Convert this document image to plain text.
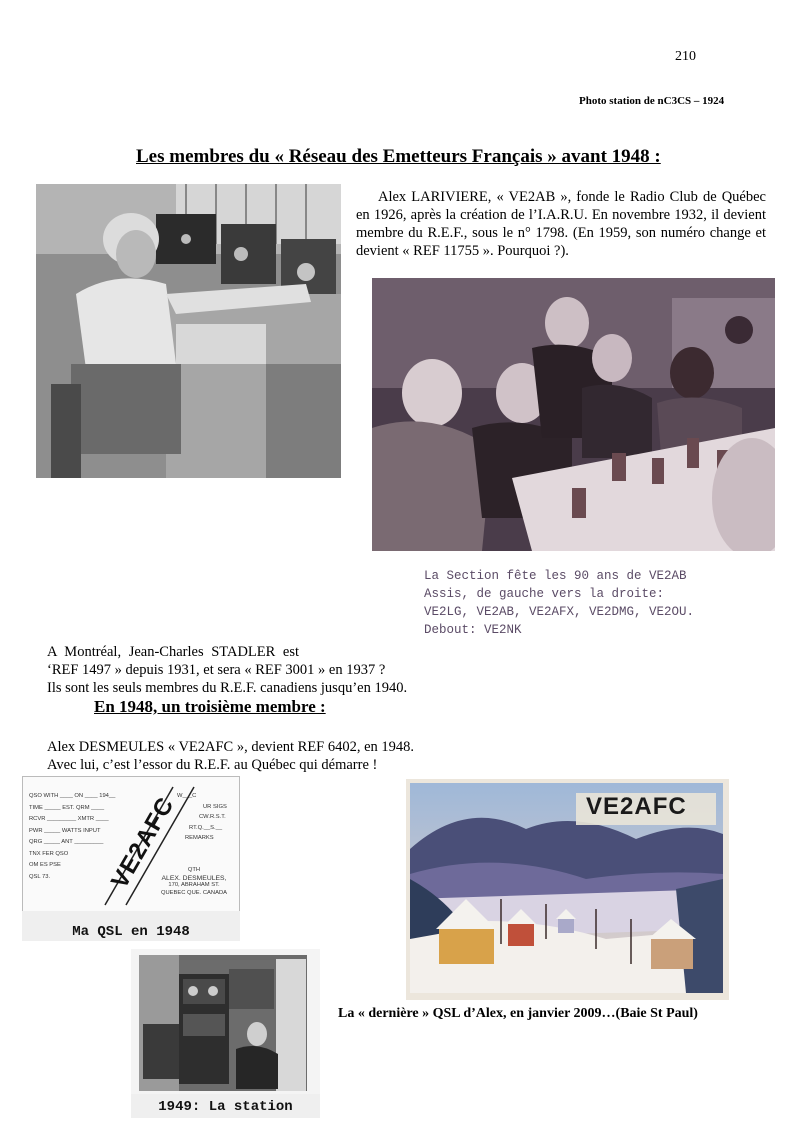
210
Photo station de nC3CS – 1924
Les membres du « Réseau des Emetteurs Français » avant 1948 :
Alex LARIVIERE, « VE2AB », fonde le Radio Club de Québec en 1926, après la création de l’I.A.R.U. En novembre 1932, il devient membre du R.E.F., sous le n° 1798. (En 1959, son numéro change et devient « REF 11755 ». Pourquoi ?).
La Section fête les 90 ans de VE2AB
Assis, de gauche vers la droite:
VE2LG, VE2AB, VE2AFX, VE2DMG, VE2OU.
Debout: VE2NK
A Montréal, Jean-Charles STADLER est
‘REF 1497 » depuis 1931, et sera « REF 3001 » en 1937 ?
Ils sont les seuls membres du R.E.F. canadiens jusqu’en 1940.
En 1948, un troisième membre :
Alex DESMEULES « VE2AFC », devient REF 6402, en 1948.
Avec lui, c’est l’essor du R.E.F. au Québec qui démarre !
QSO WITH ____ ON ____ 194__
TIME _____ EST. QRM ____
RCVR _________ XMTR ____
PWR _____ WATTS INPUT
QRG _____ ANT _________
TNX FER QSO
OM ES PSE
QSL 73.	VE2AFC
W___C
UR SIGS
CW.R.S.T.
RT.Q.__S.__
REMARKS
QTH
ALEX. DESMEULES,
170, ABRAHAM ST.
QUEBEC QUE. CANADA
Ma QSL en 1948
1949: La station
VE2AFC
La « dernière » QSL d’Alex, en janvier 2009…(Baie St Paul)
